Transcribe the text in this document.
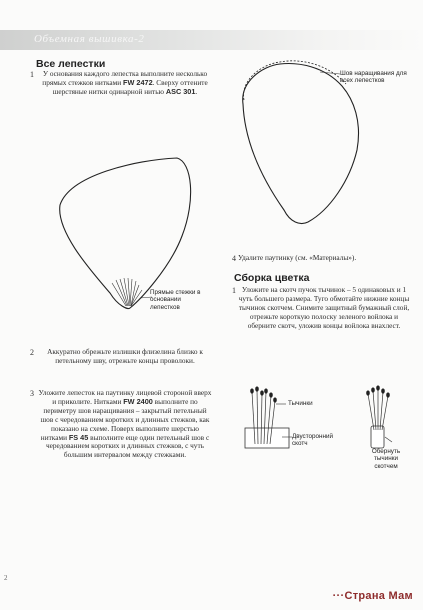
Объемная вышивка-2
Все лепестки
1	У основания каждого лепестка выполните несколько прямых стежков нитками FW 2472. Сверху оттените шерстяные нитки одинарной нитью ASC 301.
Прямые стежки в основании лепестков
2	Аккуратно обрежьте излишки флизелина близко к петельному шву, отрежьте концы проволоки.
3 Уложите лепесток на паутинку лицевой стороной вверх и приколите. Нитками FW 2400 выполните по периметру шов наращивания – закрытый петельный шов с чередованием коротких и длинных стежков, как показано на схеме. Поверх выполните шерстью нитками FS 45 выполните еще один петельный шов с чередованием коротких и длинных стежков, с чуть большим интервалом между стежками.
Шов наращивания для всех лепестков
4 Удалите паутинку (см. «Материалы»).
Сборка цветка
1 Уложите на скотч пучок тычинок – 5 одинаковых и 1 чуть большего размера. Туго обмотайте нижние концы тычинок скотчем. Снимите защитный бумажный слой, отрежьте короткую полоску зеленого войлока и оберните скотч, уложив концы войлока внахлест.
Тычинки
Двусторонний скотч
Обернуть тычинки скотчем
2
···Страна Мам
